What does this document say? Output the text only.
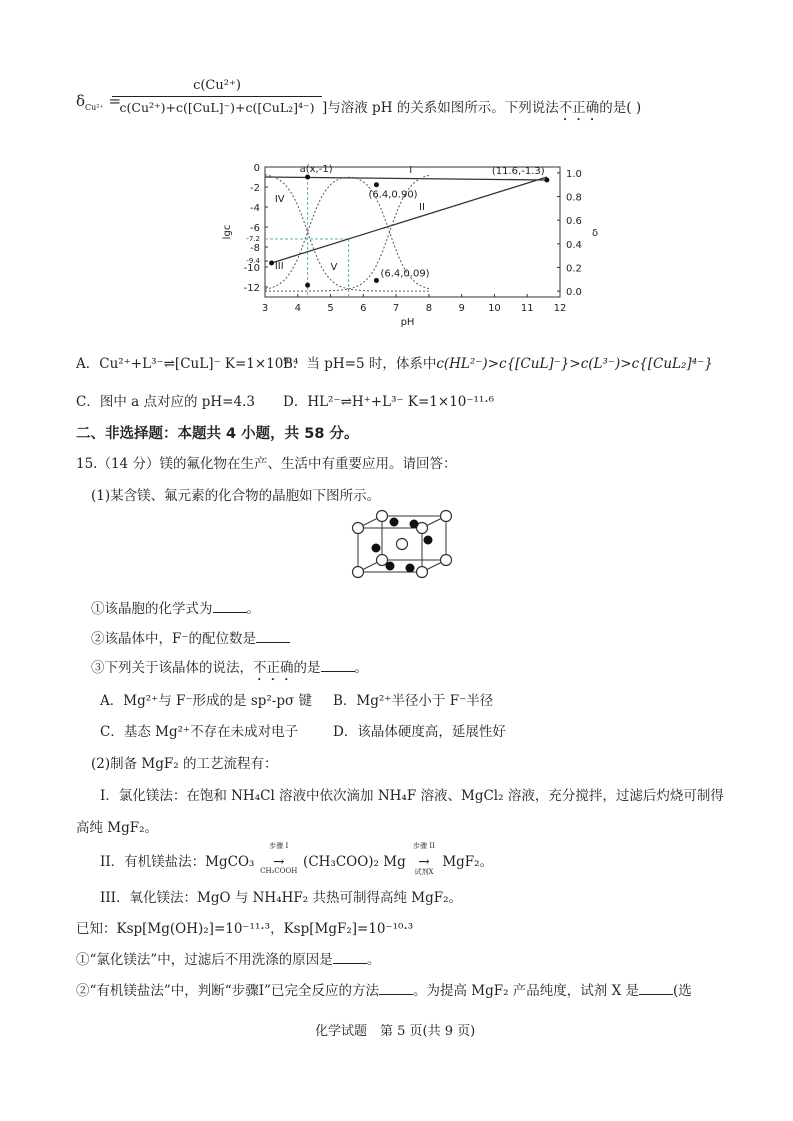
$\delta_{Cu^{2+}}$ =
c(Cu²⁺)
c(Cu²⁺)+c([CuL]⁻)+c([CuL₂]⁴⁻) ]与溶液 pH 的关系如图所示。下列说法不正确的是( )
3	4	5	6	7	8	9 10 11 12
pH
0
-2
-4
-6
-7.2
-8
-9.4
-10
-12
lgc
1.0
0.8
0.6
0.4
0.2
0.0
δ
a(x,-1)	(11.6,-1.3)
(6.4,0.90)
(6.4,0.09)
I
II
III
IV
V
A．Cu²⁺+L³⁻⇌[CuL]⁻ K=1×10⁹·⁴
B．当 pH=5 时，体系中c(HL²⁻)>c{[CuL]⁻}>c(L³⁻)>c{[CuL₂]⁴⁻}
C．图中 a 点对应的 pH=4.3 D．HL²⁻⇌H⁺+L³⁻ K=1×10⁻¹¹·⁶
二、非选择题：本题共 4 小题，共 58 分。
15.（14 分）镁的氟化物在生产、生活中有重要应用。请回答：
(1)某含镁、氟元素的化合物的晶胞如下图所示。
①该晶胞的化学式为	。
②该晶体中，F⁻的配位数是
③下列关于该晶体的说法，不正确的是	。
A．Mg²⁺与 F⁻形成的是 sp²-pσ 键 B．Mg²⁺半径小于 F⁻半径
C．基态 Mg²⁺不存在未成对电子	D．该晶体硬度高，延展性好
(2)制备 MgF₂ 的工艺流程有：
I．氯化镁法：在饱和 NH₄Cl 溶液中依次滴加 NH₄F 溶液、MgCl₂ 溶液，充分搅拌，过滤后灼烧可制得
高纯 MgF₂。
II．有机镁盐法：MgCO₃
步骤 I
→
CH₃COOH
(CH₃COO)₂ Mg
步骤 II
→
试剂X
MgF₂。
III．氧化镁法：MgO 与 NH₄HF₂ 共热可制得高纯 MgF₂。
已知：Ksp[Mg(OH)₂]=10⁻¹¹·³，Ksp[MgF₂]=10⁻¹⁰·³
①“氯化镁法”中，过滤后不用洗涤的原因是	。
②“有机镁盐法”中，判断“步骤I”已完全反应的方法	。为提高 MgF₂ 产品纯度，试剂 X 是	(选
化学试题　第 5 页(共 9 页)
